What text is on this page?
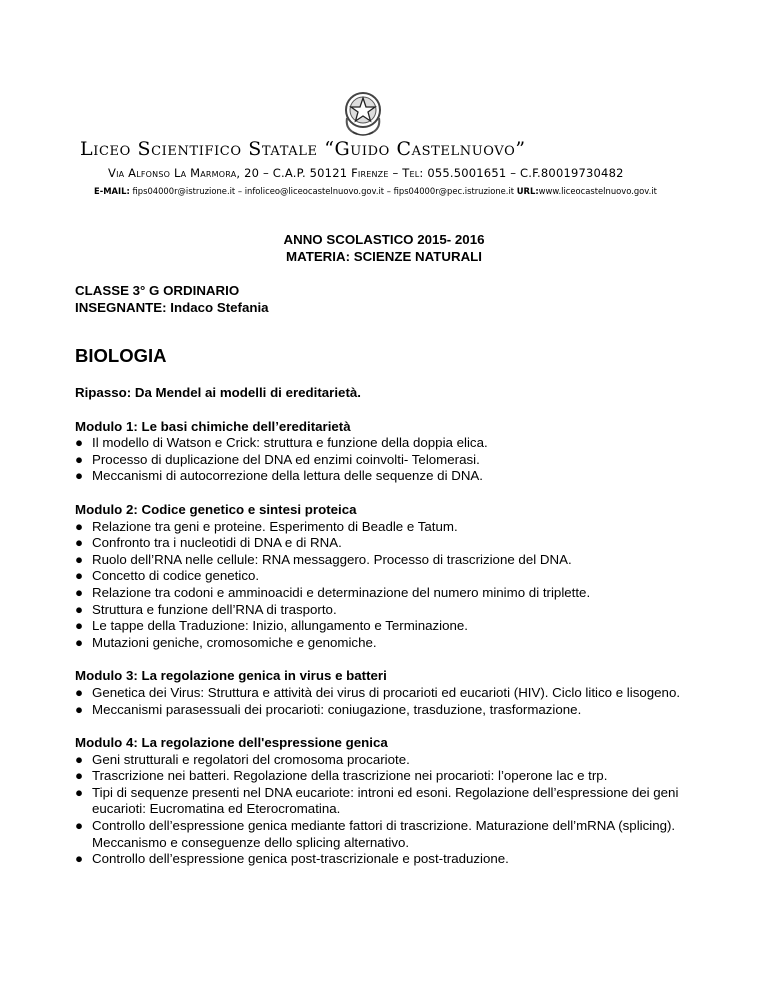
Liceo Scientifico Statale “Guido Castelnuovo”
Via Alfonso La Marmora, 20 – C.A.P. 50121 Firenze – Tel: 055.5001651 – C.F.80019730482
E-MAIL: fips04000r@istruzione.it – infoliceo@liceocastelnuovo.gov.it – fips04000r@pec.istruzione.it URL:www.liceocastelnuovo.gov.it
ANNO SCOLASTICO 2015- 2016
MATERIA: SCIENZE NATURALI
CLASSE 3° G ORDINARIO
INSEGNANTE: Indaco Stefania
BIOLOGIA

Ripasso: Da Mendel ai modelli di ereditarietà.

Modulo 1: Le basi chimiche dell’ereditarietà

● Il modello di Watson e Crick: struttura e funzione della doppia elica.
● Processo di duplicazione del DNA ed enzimi coinvolti- Telomerasi.
● Meccanismi di autocorrezione della lettura delle sequenze di DNA.

Modulo 2: Codice genetico e sintesi proteica

● Relazione tra geni e proteine. Esperimento di Beadle e Tatum.
● Confronto tra i nucleotidi di DNA e di RNA.
● Ruolo dell’RNA nelle cellule: RNA messaggero. Processo di trascrizione del DNA.
● Concetto di codice genetico.
● Relazione tra codoni e amminoacidi e determinazione del numero minimo di triplette.
● Struttura e funzione dell’RNA di trasporto.
● Le tappe della Traduzione: Inizio, allungamento e Terminazione.
● Mutazioni geniche, cromosomiche e genomiche.

Modulo 3: La regolazione genica in virus e batteri

● Genetica dei Virus: Struttura e attività dei virus di procarioti ed eucarioti (HIV). Ciclo litico e lisogeno.
● Meccanismi parasessuali dei procarioti: coniugazione, trasduzione, trasformazione.

Modulo 4: La regolazione dell'espressione genica

● Geni strutturali e regolatori del cromosoma procariote.
● Trascrizione nei batteri. Regolazione della trascrizione nei procarioti: l’operone lac e trp.
● Tipi di sequenze presenti nel DNA eucariote: introni ed esoni. Regolazione dell’espressione dei geni eucarioti: Eucromatina ed Eterocromatina.
● Controllo dell’espressione genica mediante fattori di trascrizione. Maturazione dell’mRNA (splicing). Meccanismo e conseguenze dello splicing alternativo.
● Controllo dell’espressione genica post-trascrizionale e post-traduzione.
